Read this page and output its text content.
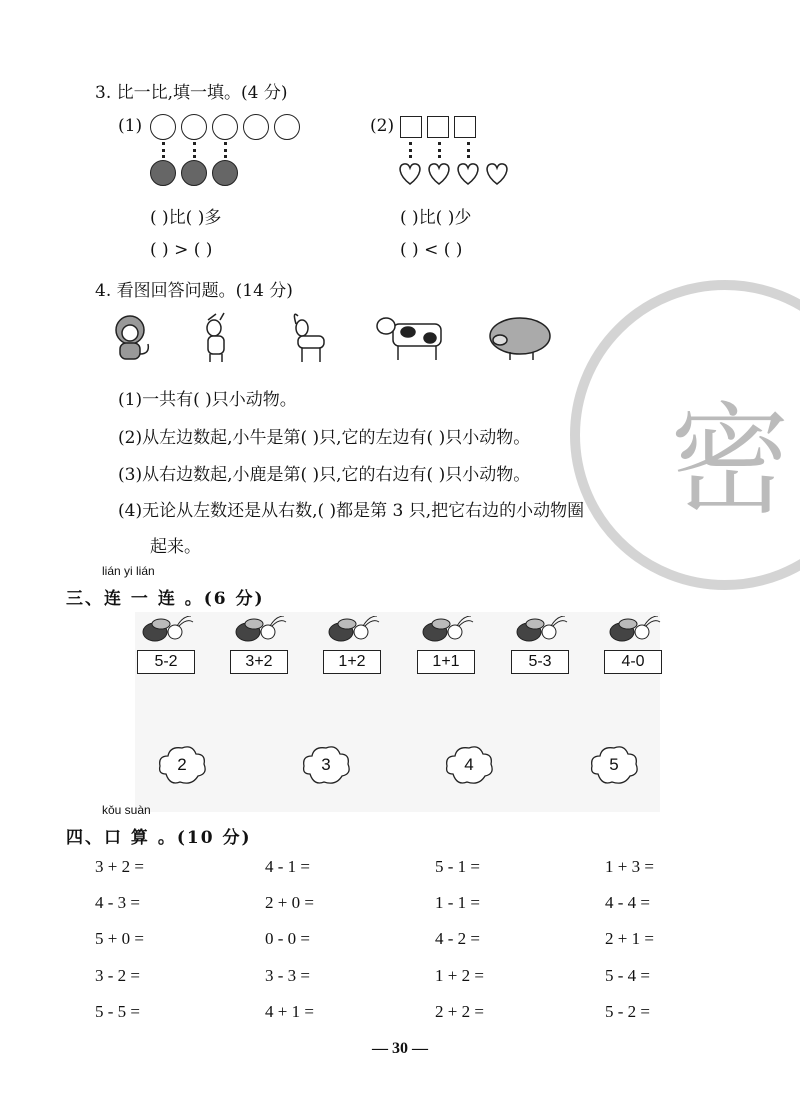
密
3. 比一比,填一填。(4 分)
(1)

	(2)

( )比( )多	( )比( )少
( ) > ( )	( ) < ( )
4. 看图回答问题。(14 分)
(1)一共有( )只小动物。
(2)从左边数起,小牛是第( )只,它的左边有( )只小动物。
(3)从右边数起,小鹿是第( )只,它的右边有( )只小动物。
(4)无论从左数还是从右数,( )都是第 3 只,把它右边的小动物圈
起来。
lián yi lián
三、连 一 连 。(6 分)
5-2	3+2	1+2	1+1	5-3	4-0
2	3	4	5
kǒu suàn
四、口 算 。(10 分)
3 + 2 =	4 - 1 =	5 - 1 =	1 + 3 =
4 - 3 =	2 + 0 =	1 - 1 =	4 - 4 =
5 + 0 =	0 - 0 =	4 - 2 =	2 + 1 =
3 - 2 =	3 - 3 =	1 + 2 =	5 - 4 =
5 - 5 =	4 + 1 =	2 + 2 =	5 - 2 =
— 30 —
